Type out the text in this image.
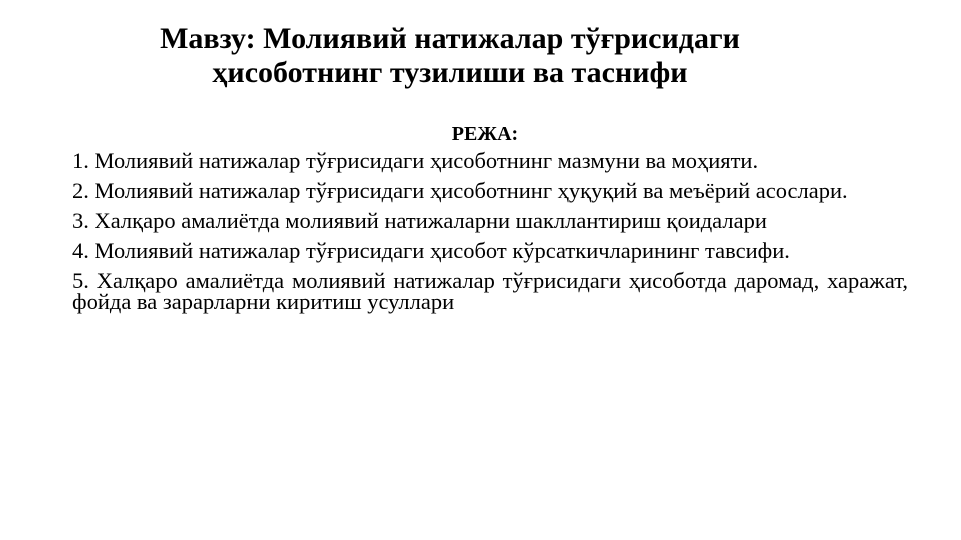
Мавзу: Молиявий натижалар тўғрисидаги
ҳисоботнинг тузилиши ва таснифи
РЕЖА:
1. Молиявий натижалар тўғрисидаги ҳисоботнинг мазмуни ва моҳияти.
2. Молиявий натижалар тўғрисидаги ҳисоботнинг ҳуқуқий ва меъёрий асослари.
3. Халқаро амалиётда молиявий натижаларни шакллантириш қоидалари
4. Молиявий натижалар тўғрисидаги ҳисобот кўрсаткичларининг тавсифи.
5. Халқаро амалиётда молиявий натижалар тўғрисидаги ҳисоботда даромад, харажат, фойда ва зарарларни киритиш усуллари
